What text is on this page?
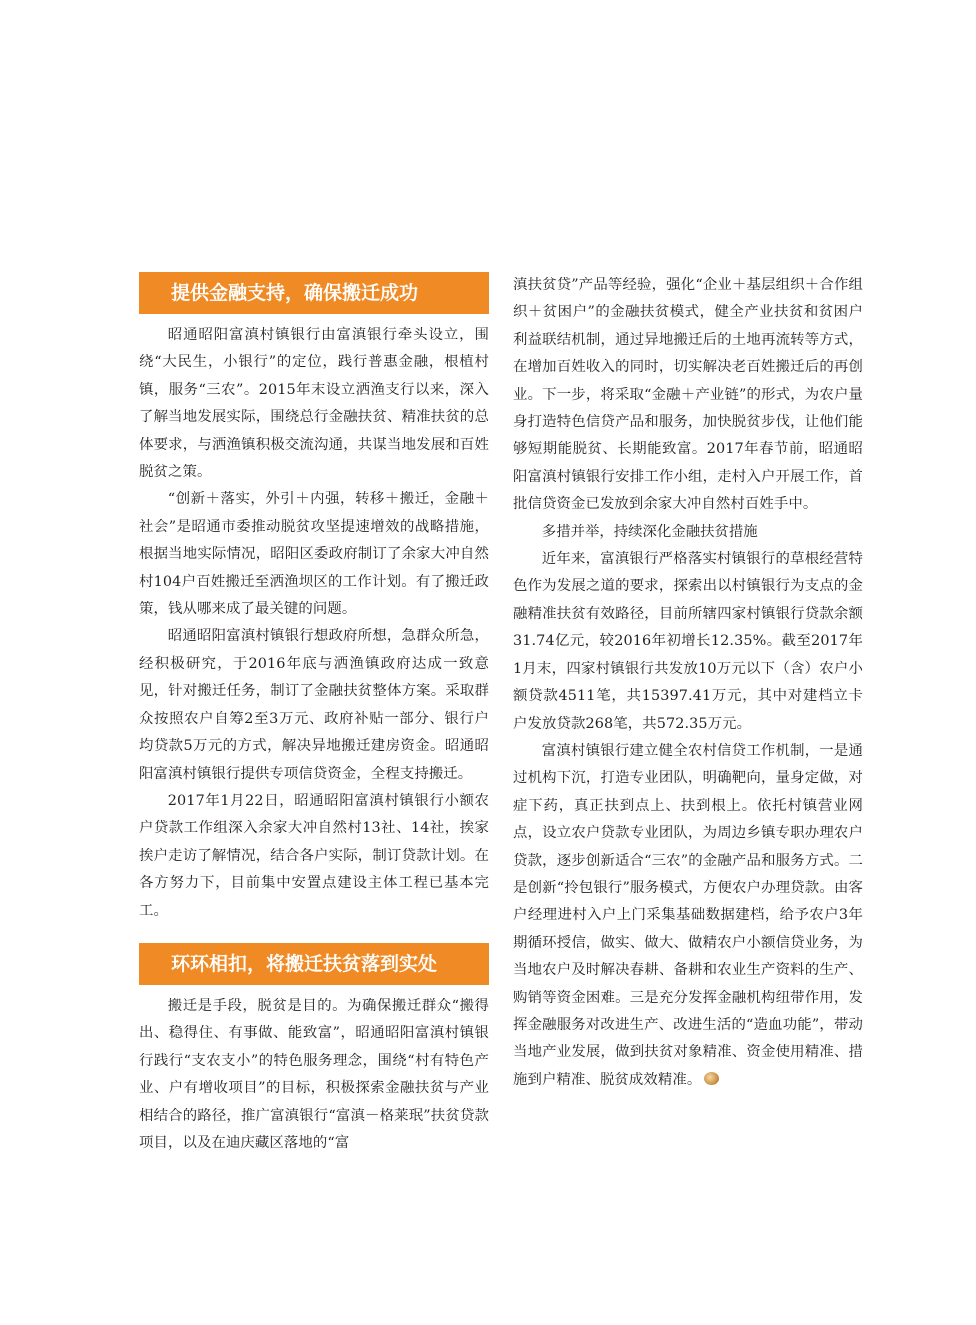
提供金融支持，确保搬迁成功

昭通昭阳富滇村镇银行由富滇银行牵头设立，围绕“大民生，小银行”的定位，践行普惠金融，根植村镇，服务“三农”。2015年末设立洒渔支行以来，深入了解当地发展实际，围绕总行金融扶贫、精准扶贫的总体要求，与洒渔镇积极交流沟通，共谋当地发展和百姓脱贫之策。

“创新＋落实，外引＋内强，转移＋搬迁，金融＋社会”是昭通市委推动脱贫攻坚提速增效的战略措施，根据当地实际情况，昭阳区委政府制订了余家大冲自然村104户百姓搬迁至洒渔坝区的工作计划。有了搬迁政策，钱从哪来成了最关键的问题。

昭通昭阳富滇村镇银行想政府所想，急群众所急，经积极研究，于2016年底与洒渔镇政府达成一致意见，针对搬迁任务，制订了金融扶贫整体方案。采取群众按照农户自筹2至3万元、政府补贴一部分、银行户均贷款5万元的方式，解决异地搬迁建房资金。昭通昭阳富滇村镇银行提供专项信贷资金，全程支持搬迁。

2017年1月22日，昭通昭阳富滇村镇银行小额农户贷款工作组深入余家大冲自然村13社、14社，挨家挨户走访了解情况，结合各户实际，制订贷款计划。在各方努力下，目前集中安置点建设主体工程已基本完工。

环环相扣，将搬迁扶贫落到实处

搬迁是手段，脱贫是目的。为确保搬迁群众“搬得出、稳得住、有事做、能致富”，昭通昭阳富滇村镇银行践行“支农支小”的特色服务理念，围绕“村有特色产业、户有增收项目”的目标，积极探索金融扶贫与产业相结合的路径，推广富滇银行“富滇－格莱珉”扶贫贷款项目，以及在迪庆藏区落地的“富

滇扶贫贷”产品等经验，强化“企业＋基层组织＋合作组织＋贫困户”的金融扶贫模式，健全产业扶贫和贫困户利益联结机制，通过异地搬迁后的土地再流转等方式，在增加百姓收入的同时，切实解决老百姓搬迁后的再创业。下一步，将采取“金融＋产业链”的形式，为农户量身打造特色信贷产品和服务，加快脱贫步伐，让他们能够短期能脱贫、长期能致富。2017年春节前，昭通昭阳富滇村镇银行安排工作小组，走村入户开展工作，首批信贷资金已发放到余家大冲自然村百姓手中。

多措并举，持续深化金融扶贫措施

近年来，富滇银行严格落实村镇银行的草根经营特色作为发展之道的要求，探索出以村镇银行为支点的金融精准扶贫有效路径，目前所辖四家村镇银行贷款余额31.74亿元，较2016年初增长12.35%。截至2017年1月末，四家村镇银行共发放10万元以下（含）农户小额贷款4511笔，共15397.41万元，其中对建档立卡户发放贷款268笔，共572.35万元。

富滇村镇银行建立健全农村信贷工作机制，一是通过机构下沉，打造专业团队，明确靶向，量身定做，对症下药，真正扶到点上、扶到根上。依托村镇营业网点，设立农户贷款专业团队，为周边乡镇专职办理农户贷款，逐步创新适合“三农”的金融产品和服务方式。二是创新“拎包银行”服务模式，方便农户办理贷款。由客户经理进村入户上门采集基础数据建档，给予农户3年期循环授信，做实、做大、做精农户小额信贷业务，为当地农户及时解决春耕、备耕和农业生产资料的生产、购销等资金困难。三是充分发挥金融机构纽带作用，发挥金融服务对改进生产、改进生活的“造血功能”，带动当地产业发展，做到扶贫对象精准、资金使用精准、措施到户精准、脱贫成效精准。
